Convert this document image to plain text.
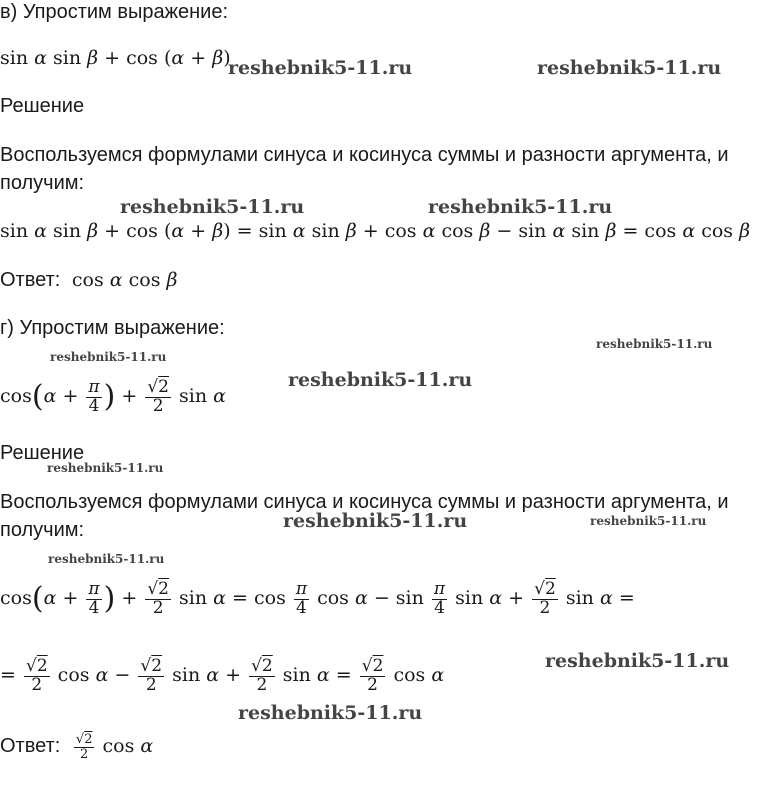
в) Упростим выражение:
sin α sin β + cos (α + β)
Решение
Воспользуемся формулами синуса и косинуса суммы и разности аргумента, и
получим:
sin α sin β + cos (α + β) = sin α sin β + cos α cos β − sin α sin β = cos α cos β
Ответ:  cos α cos β
г) Упростим выражение:
$\cos(\alpha + \frac{\pi}{4}$ ) + $\frac{√2}{2}$ sin α
Решение
Воспользуемся формулами синуса и косинуса суммы и разности аргумента, и
получим:
$\cos(\alpha + \frac{\pi}{4}$ ) + $\frac{√2}{2}$ $\sin \alpha = \cos \frac{\pi}{4}$ $\cos \alpha - \sin \frac{\pi}{4}$ $\sin \alpha + \frac{√2}{2}$ sin α =
= $\frac{√2}{2}$ $\cos \alpha - \frac{√2}{2}$ $\sin \alpha + \frac{√2}{2}$ $\sin \alpha = \frac{√2}{2}$ cos α
Ответ: $\frac{√2}{2}$ cos α
reshebnik5-11.ru	reshebnik5-11.ru
reshebnik5-11.ru	reshebnik5-11.ru
reshebnik5-11.ru
reshebnik5-11.ru
reshebnik5-11.ru
reshebnik5-11.ru
reshebnik5-11.ru	reshebnik5-11.ru
reshebnik5-11.ru
reshebnik5-11.ru
reshebnik5-11.ru
